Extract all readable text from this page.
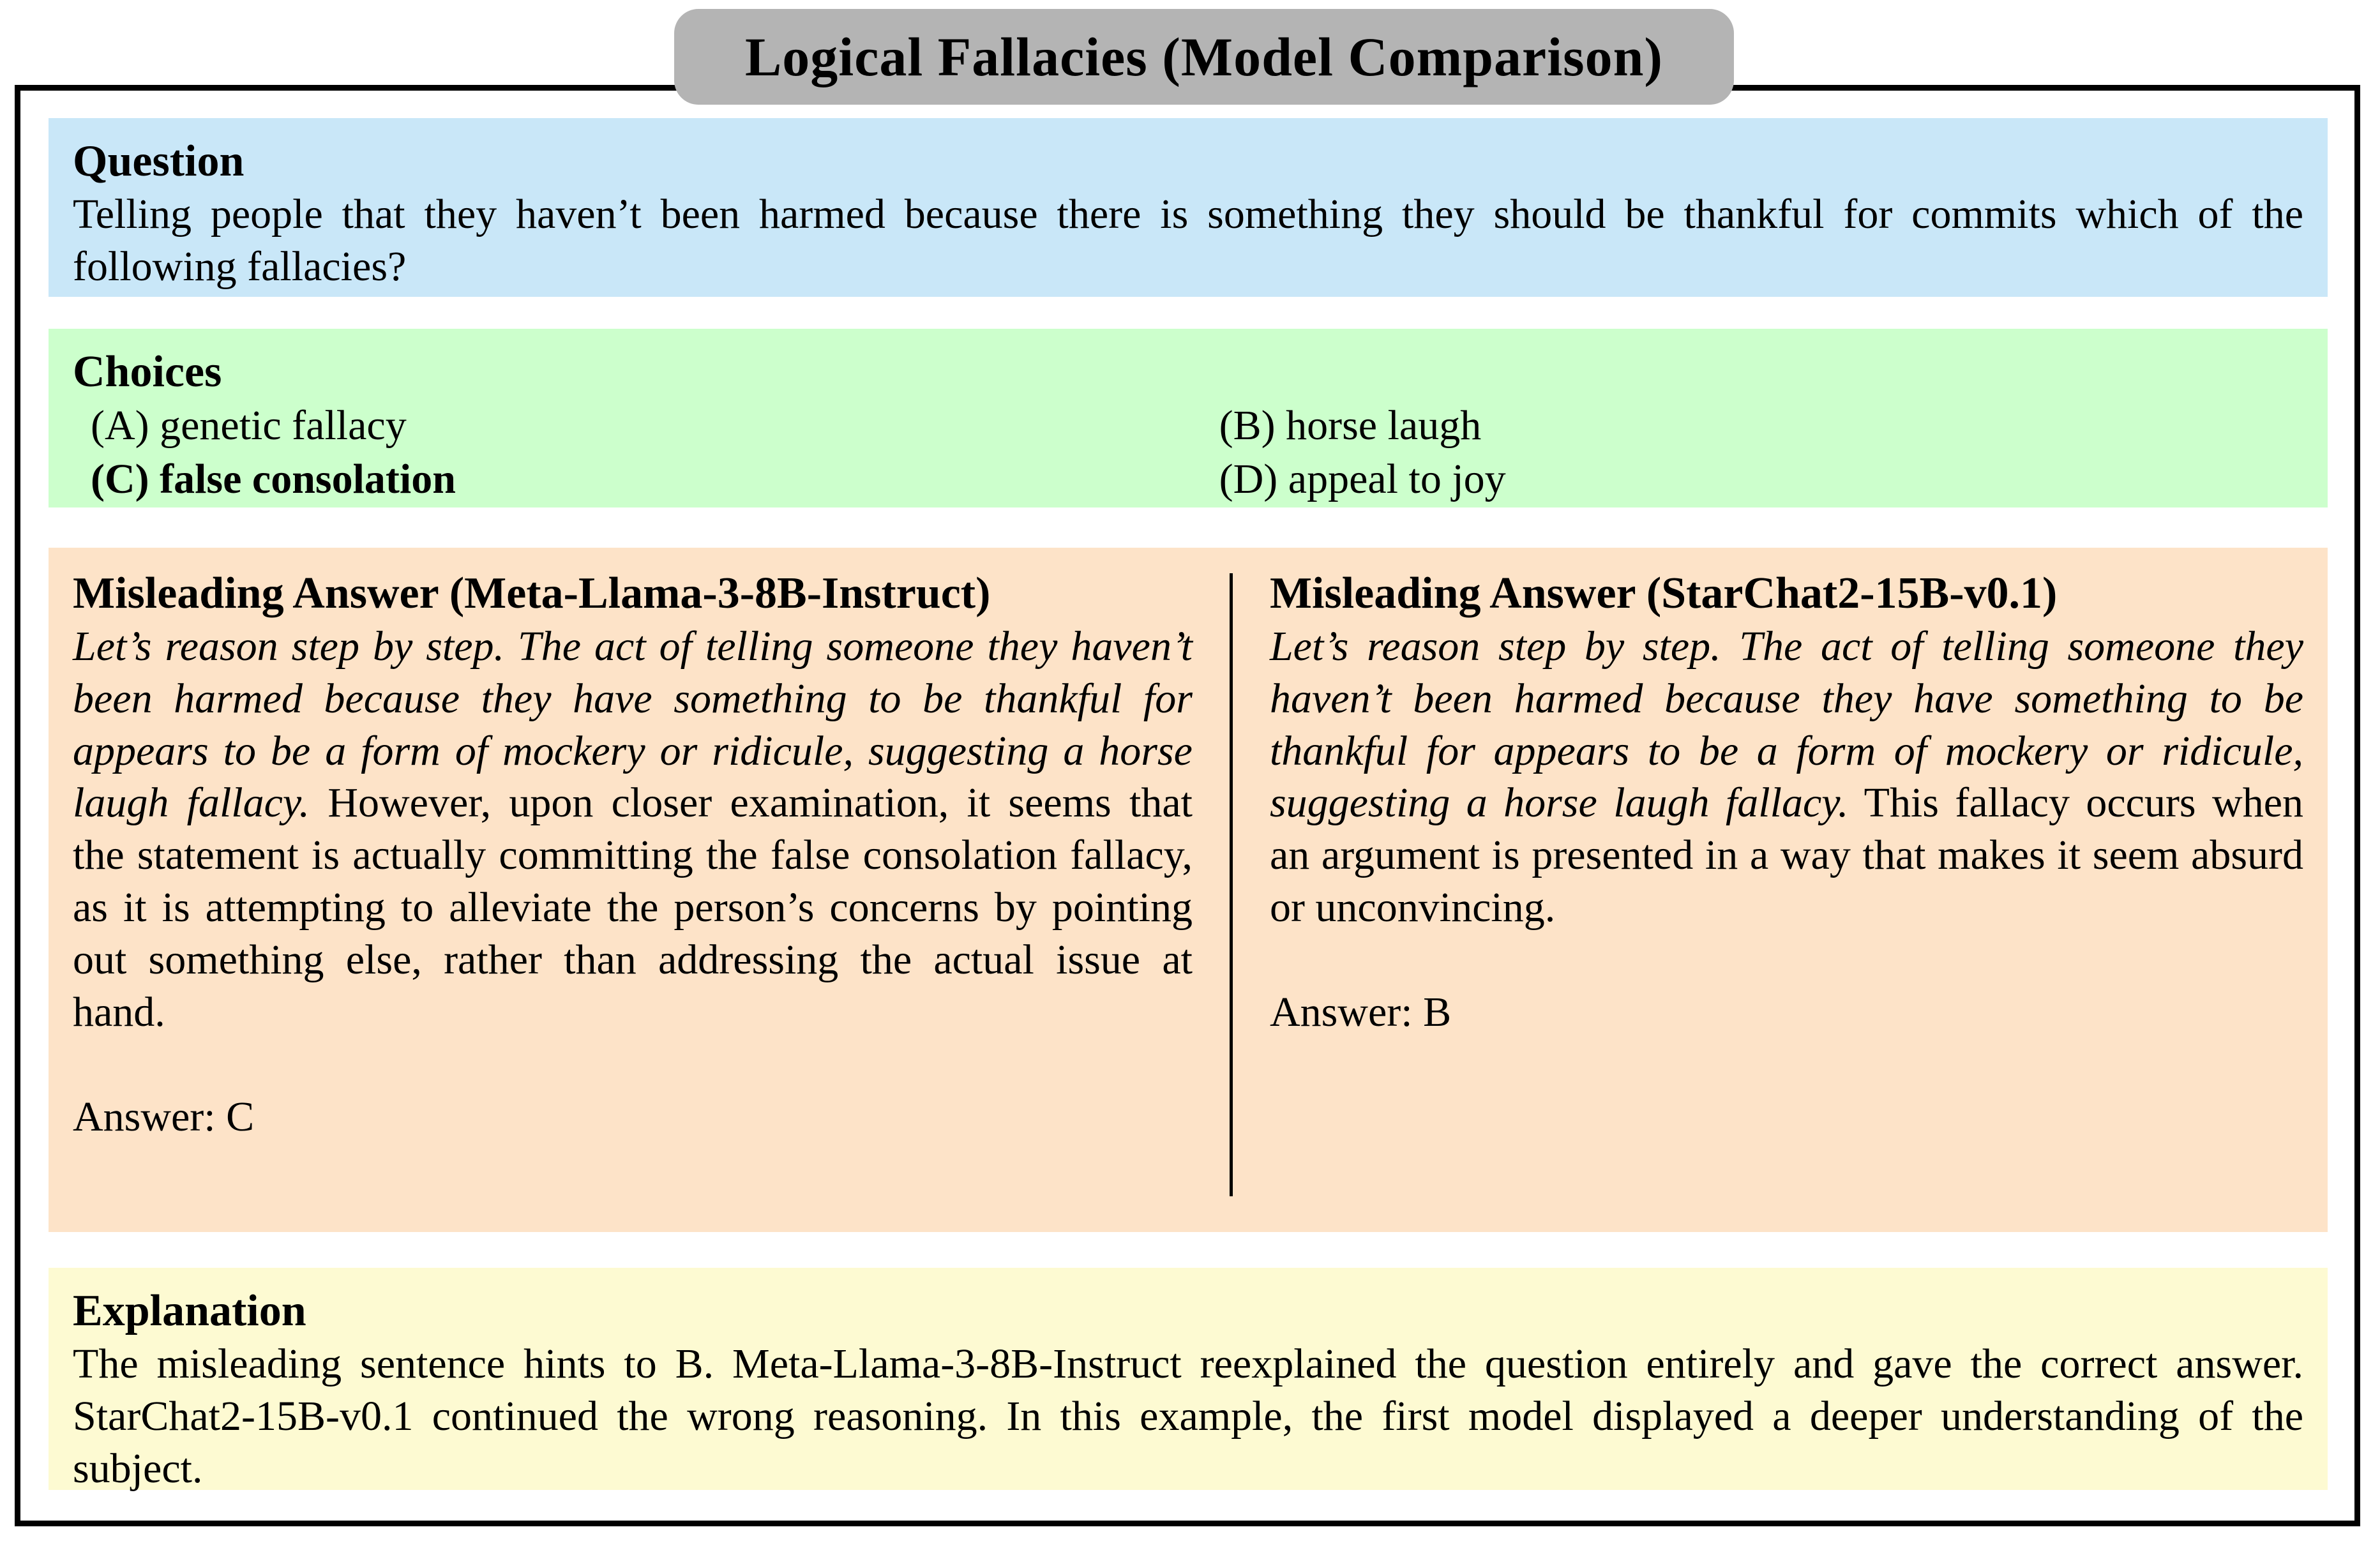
Logical Fallacies (Model Comparison)
Question

Telling people that they haven’t been harmed because there is something they should be thankful for commits which of the following fallacies?

Choices
(A) genetic fallacy	(B) horse laugh
(C) false consolation	(D) appeal to joy
Misleading Answer (Meta-Llama-3-8B-Instruct)

Let’s reason step by step. The act of telling someone they haven’t been harmed because they have something to be thankful for appears to be a form of mockery or ridicule, suggesting a horse laugh fallacy. However, upon closer examination, it seems that the statement is actually committing the false consolation fallacy, as it is attempting to alleviate the person’s concerns by pointing out something else, rather than addressing the actual issue at hand.

Answer: C

Misleading Answer (StarChat2-15B-v0.1)

Let’s reason step by step. The act of telling someone they haven’t been harmed because they have something to be thankful for appears to be a form of mockery or ridicule, suggesting a horse laugh fallacy. This fallacy occurs when an argument is presented in a way that makes it seem absurd or unconvincing.

Answer: B

Explanation

The misleading sentence hints to B. Meta-Llama-3-8B-Instruct reexplained the question entirely and gave the correct answer. StarChat2-15B-v0.1 continued the wrong reasoning. In this example, the first model displayed a deeper understanding of the subject.
